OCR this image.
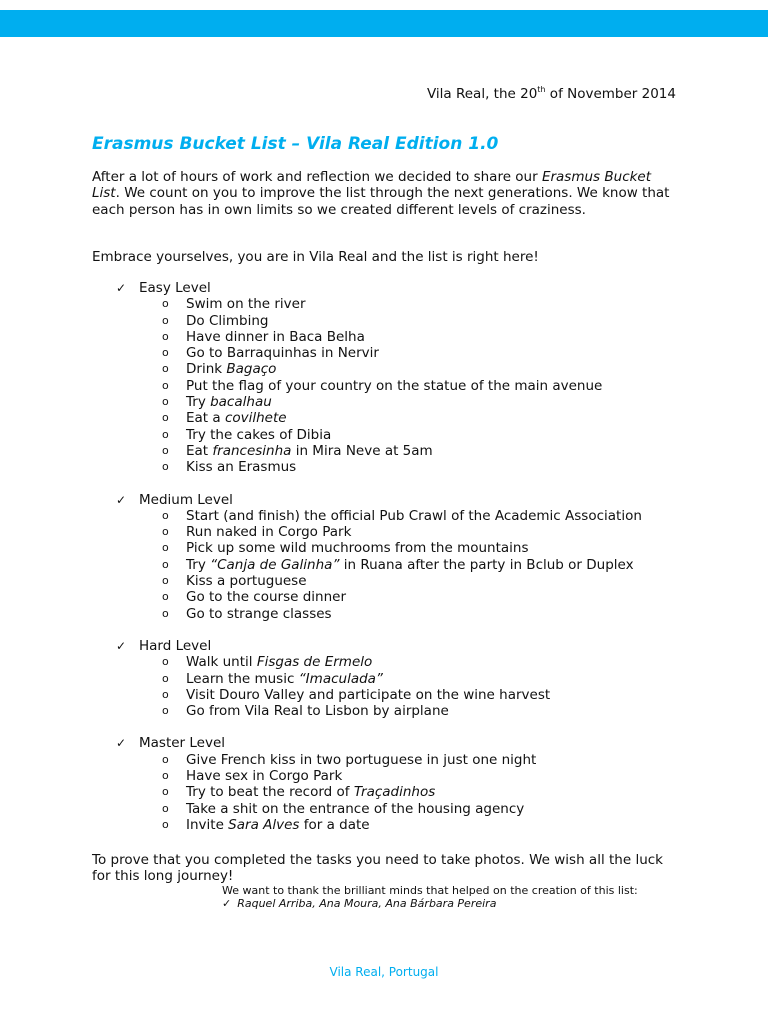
Vila Real, the 20th of November 2014
Erasmus Bucket List – Vila Real Edition 1.0

After a lot of hours of work and reflection we decided to share our Erasmus Bucket List. We count on you to improve the list through the next generations. We know that each person has in own limits so we created different levels of craziness.

Embrace yourselves, you are in Vila Real and the list is right here!

✓ Easy Level
o Swim on the river
o Do Climbing
o Have dinner in Baca Belha
o Go to Barraquinhas in Nervir
o Drink Bagaço
o Put the flag of your country on the statue of the main avenue
o Try bacalhau
o Eat a covilhete
o Try the cakes of Dibia
o Eat francesinha in Mira Neve at 5am
o Kiss an Erasmus
✓ Medium Level
o Start (and finish) the official Pub Crawl of the Academic Association
o Run naked in Corgo Park
o Pick up some wild muchrooms from the mountains
o Try “Canja de Galinha” in Ruana after the party in Bclub or Duplex
o Kiss a portuguese
o Go to the course dinner
o Go to strange classes
✓ Hard Level
o Walk until Fisgas de Ermelo
o Learn the music “Imaculada”
o Visit Douro Valley and participate on the wine harvest
o Go from Vila Real to Lisbon by airplane
✓ Master Level
o Give French kiss in two portuguese in just one night
o Have sex in Corgo Park
o Try to beat the record of Traçadinhos
o Take a shit on the entrance of the housing agency
o Invite Sara Alves for a date

To prove that you completed the tasks you need to take photos. We wish all the luck for this long journey!

We want to thank the brilliant minds that helped on the creation of this list:
✓ Raquel Arriba, Ana Moura, Ana Bárbara Pereira
Vila Real, Portugal
